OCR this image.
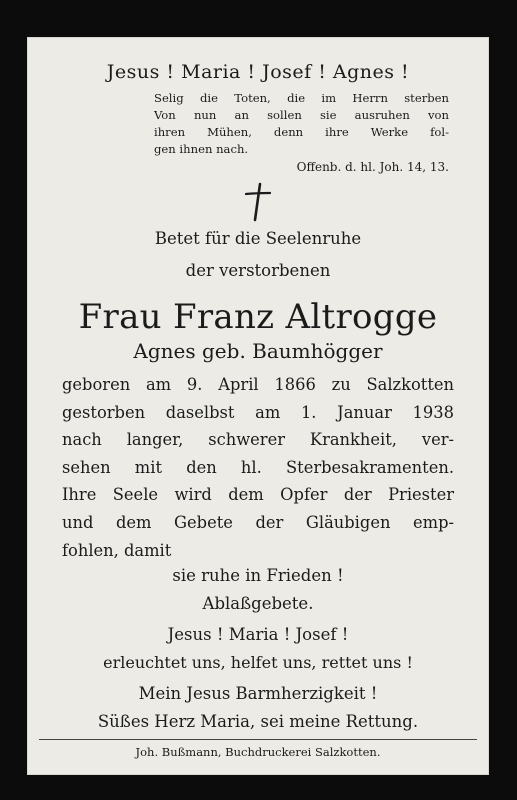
Jesus ! Maria ! Josef ! Agnes !
Selig die Toten, die im Herrn sterben
Von nun an sollen sie ausruhen von
ihren Mühen, denn ihre Werke fol-
gen ihnen nach.
Offenb. d. hl. Joh. 14, 13.
Betet für die Seelenruhe
der verstorbenen
Frau Franz Altrogge
Agnes geb. Baumhögger
geboren am 9. April 1866 zu Salzkotten
gestorben daselbst am 1. Januar 1938
nach langer, schwerer Krankheit, ver-
sehen mit den hl. Sterbesakramenten.
Ihre Seele wird dem Opfer der Priester
und dem Gebete der Gläubigen emp-
fohlen, damit
sie ruhe in Frieden !
Ablaßgebete.
Jesus ! Maria ! Josef !
erleuchtet uns, helfet uns, rettet uns !
Mein Jesus Barmherzigkeit !
Süßes Herz Maria, sei meine Rettung.
Joh. Bußmann, Buchdruckerei Salzkotten.
